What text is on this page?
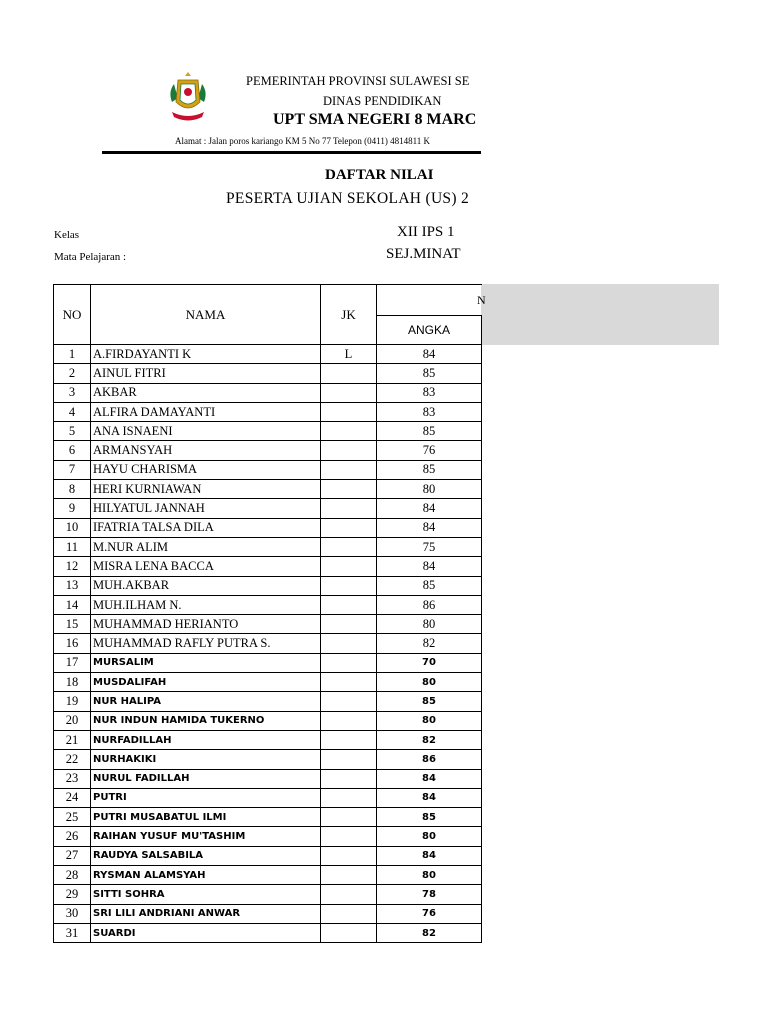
PEMERINTAH PROVINSI SULAWESI SE
DINAS PENDIDIKAN
UPT SMA NEGERI 8 MARC
Alamat : Jalan poros kariango KM 5 No 77 Telepon (0411) 4814811 K
DAFTAR NILAI
PESERTA UJIAN SEKOLAH (US) 2
Kelas	XII IPS 1
Mata Pelajaran :	SEJ.MINAT
NO	NAMA	JK	N
			ANGKA
1	A.FIRDAYANTI K	L	84
2	AINUL FITRI		85
3	AKBAR		83
4	ALFIRA DAMAYANTI		83
5	ANA ISNAENI		85
6	ARMANSYAH		76
7	HAYU CHARISMA		85
8	HERI KURNIAWAN		80
9	HILYATUL JANNAH		84
10	IFATRIA TALSA DILA		84
11	M.NUR ALIM		75
12	MISRA LENA BACCA		84
13	MUH.AKBAR		85
14	MUH.ILHAM N.		86
15	MUHAMMAD HERIANTO		80
16	MUHAMMAD RAFLY PUTRA S.		82
17	MURSALIM		70
18	MUSDALIFAH		80
19	NUR HALIPA		85
20	NUR INDUN HAMIDA TUKERNO		80
21	NURFADILLAH		82
22	NURHAKIKI		86
23	NURUL FADILLAH		84
24	PUTRI		84
25	PUTRI MUSABATUL ILMI		85
26	RAIHAN YUSUF MU'TASHIM		80
27	RAUDYA SALSABILA		84
28	RYSMAN ALAMSYAH		80
29	SITTI SOHRA		78
30	SRI LILI ANDRIANI ANWAR		76
31	SUARDI		82
